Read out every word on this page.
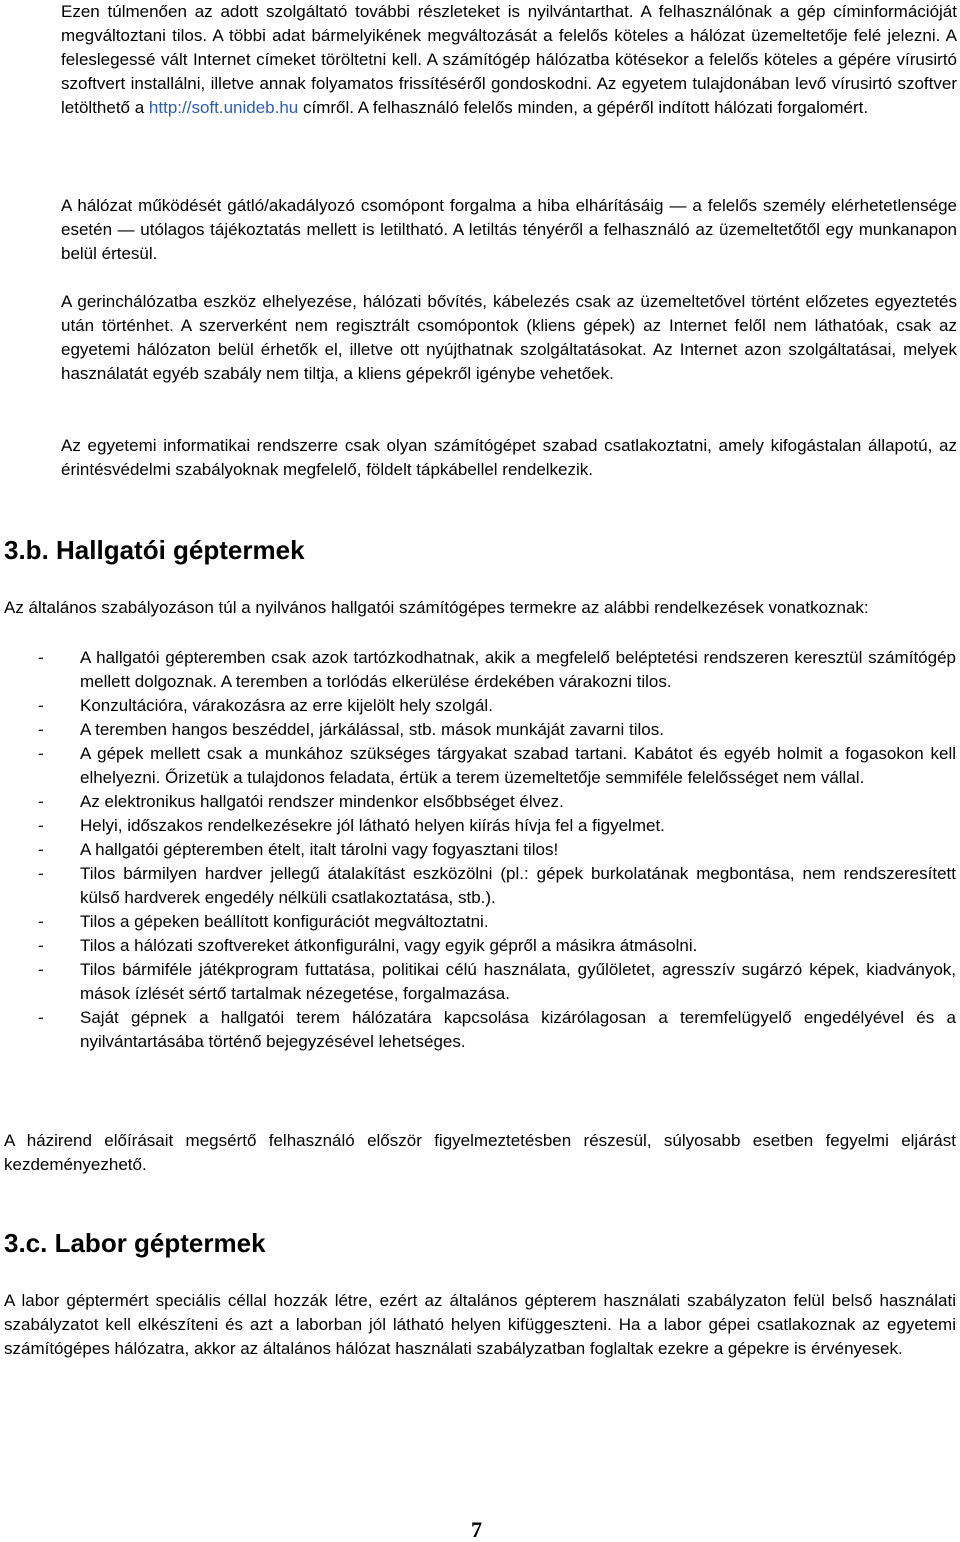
Ezen túlmenően az adott szolgáltató további részleteket is nyilvántarthat. A felhasználónak a gép címinformációját megváltoztani tilos. A többi adat bármelyikének megváltozását a felelős köteles a hálózat üzemeltetője felé jelezni. A feleslegessé vált Internet címeket töröltetni kell. A számítógép hálózatba kötésekor a felelős köteles a gépére vírusirtó szoftvert installálni, illetve annak folyamatos frissítéséről gondoskodni. Az egyetem tulajdonában levő vírusirtó szoftver letölthető a http://soft.unideb.hu címről. A felhasználó felelős minden, a gépéről indított hálózati forgalomért.

A hálózat működését gátló/akadályozó csomópont forgalma a hiba elhárításáig — a felelős személy elérhetetlensége esetén — utólagos tájékoztatás mellett is letiltható. A letiltás tényéről a felhasználó az üzemeltetőtől egy munkanapon belül értesül.

A gerinchálózatba eszköz elhelyezése, hálózati bővítés, kábelezés csak az üzemeltetővel történt előzetes egyeztetés után történhet. A szerverként nem regisztrált csomópontok (kliens gépek) az Internet felől nem láthatóak, csak az egyetemi hálózaton belül érhetők el, illetve ott nyújthatnak szolgáltatásokat. Az Internet azon szolgáltatásai, melyek használatát egyéb szabály nem tiltja, a kliens gépekről igénybe vehetőek.

Az egyetemi informatikai rendszerre csak olyan számítógépet szabad csatlakoztatni, amely kifogástalan állapotú, az érintésvédelmi szabályoknak megfelelő, földelt tápkábellel rendelkezik.

3.b. Hallgatói géptermek

Az általános szabályozáson túl a nyilvános hallgatói számítógépes termekre az alábbi rendelkezések vonatkoznak:

- A hallgatói gépteremben csak azok tartózkodhatnak, akik a megfelelő beléptetési rendszeren keresztül számítógép mellett dolgoznak. A teremben a torlódás elkerülése érdekében várakozni tilos.
- Konzultációra, várakozásra az erre kijelölt hely szolgál.
- A teremben hangos beszéddel, járkálással, stb. mások munkáját zavarni tilos.
- A gépek mellett csak a munkához szükséges tárgyakat szabad tartani. Kabátot és egyéb holmit a fogasokon kell elhelyezni. Őrizetük a tulajdonos feladata, értük a terem üzemeltetője semmiféle felelősséget nem vállal.
- Az elektronikus hallgatói rendszer mindenkor elsőbbséget élvez.
- Helyi, időszakos rendelkezésekre jól látható helyen kiírás hívja fel a figyelmet.
- A hallgatói gépteremben ételt, italt tárolni vagy fogyasztani tilos!
- Tilos bármilyen hardver jellegű átalakítást eszközölni (pl.: gépek burkolatának megbontása, nem rendszeresített külső hardverek engedély nélküli csatlakoztatása, stb.).
- Tilos a gépeken beállított konfigurációt megváltoztatni.
- Tilos a hálózati szoftvereket átkonfigurálni, vagy egyik gépről a másikra átmásolni.
- Tilos bármiféle játékprogram futtatása, politikai célú használata, gyűlöletet, agresszív sugárzó képek, kiadványok, mások ízlését sértő tartalmak nézegetése, forgalmazása.
- Saját gépnek a hallgatói terem hálózatára kapcsolása kizárólagosan a teremfelügyelő engedélyével és a nyilvántartásába történő bejegyzésével lehetséges.

A házirend előírásait megsértő felhasználó először figyelmeztetésben részesül, súlyosabb esetben fegyelmi eljárást kezdeményezhető.

3.c. Labor géptermek

A labor géptermért speciális céllal hozzák létre, ezért az általános gépterem használati szabályzaton felül belső használati szabályzatot kell elkészíteni és azt a laborban jól látható helyen kifüggeszteni. Ha a labor gépei csatlakoznak az egyetemi számítógépes hálózatra, akkor az általános hálózat használati szabályzatban foglaltak ezekre a gépekre is érvényesek.

7
